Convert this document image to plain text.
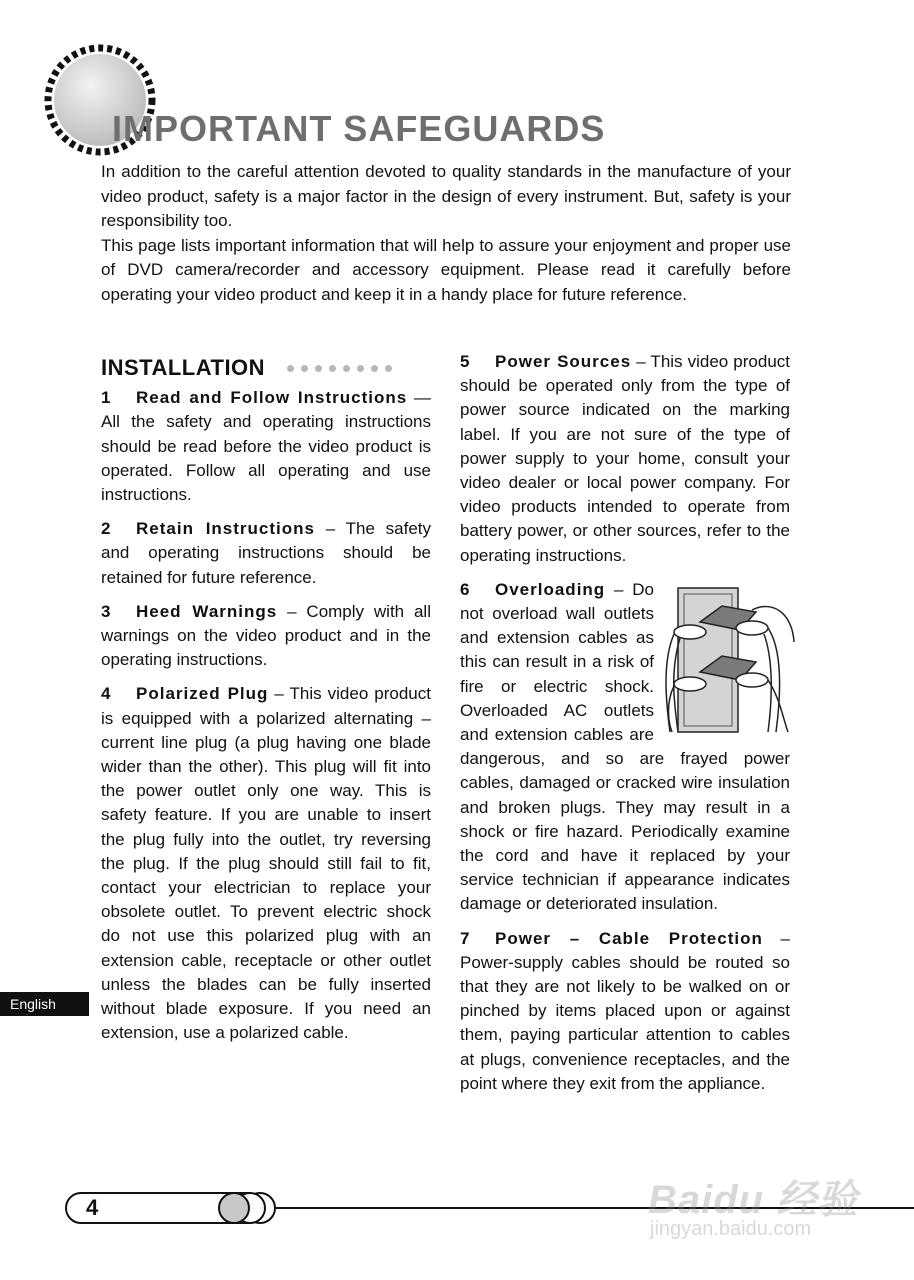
IMPORTANT SAFEGUARDS

In addition to the careful attention devoted to quality standards in the manufacture of your video product, safety is a major factor in the design of every instrument. But, safety is your responsibility too.

This page lists important information that will help to assure your enjoyment and proper use of DVD camera/recorder and accessory equipment. Please read it carefully before operating your video product and keep it in a handy place for future reference.

INSTALLATION

1 Read and Follow Instructions — All the safety and operating instructions should be read before the video product is operated. Follow all operating and use instructions.

2 Retain Instructions – The safety and operating instructions should be retained for future reference.

3 Heed Warnings – Comply with all warnings on the video product and in the operating instructions.

4 Polarized Plug – This video product is equipped with a polarized alternating – current line plug (a plug having one blade wider than the other). This plug will fit into the power outlet only one way. This is safety feature. If you are unable to insert the plug fully into the outlet, try reversing the plug. If the plug should still fail to fit, contact your electrician to replace your obsolete outlet. To prevent electric shock do not use this polarized plug with an extension cable, receptacle or other outlet unless the blades can be fully inserted without blade exposure. If you need an extension, use a polarized cable.

5 Power Sources – This video product should be operated only from the type of power source indicated on the marking label. If you are not sure of the type of power supply to your home, consult your video dealer or local power company. For video products intended to operate from battery power, or other sources, refer to the operating instructions.

6 Overloading – Do not overload wall outlets and extension cables as this can result in a risk of fire or electric shock. Overloaded AC outlets and extension cables are dangerous, and so are frayed power cables, damaged or cracked wire insulation and broken plugs. They may result in a shock or fire hazard. Periodically examine the cord and have it replaced by your service technician if appearance indicates damage or deteriorated insulation.

7 Power – Cable Protection – Power-supply cables should be routed so that they are not likely to be walked on or pinched by items placed upon or against them, paying particular attention to cables at plugs, convenience receptacles, and the point where they exit from the appliance.

English
4	Baidu 经验
jingyan.baidu.com
